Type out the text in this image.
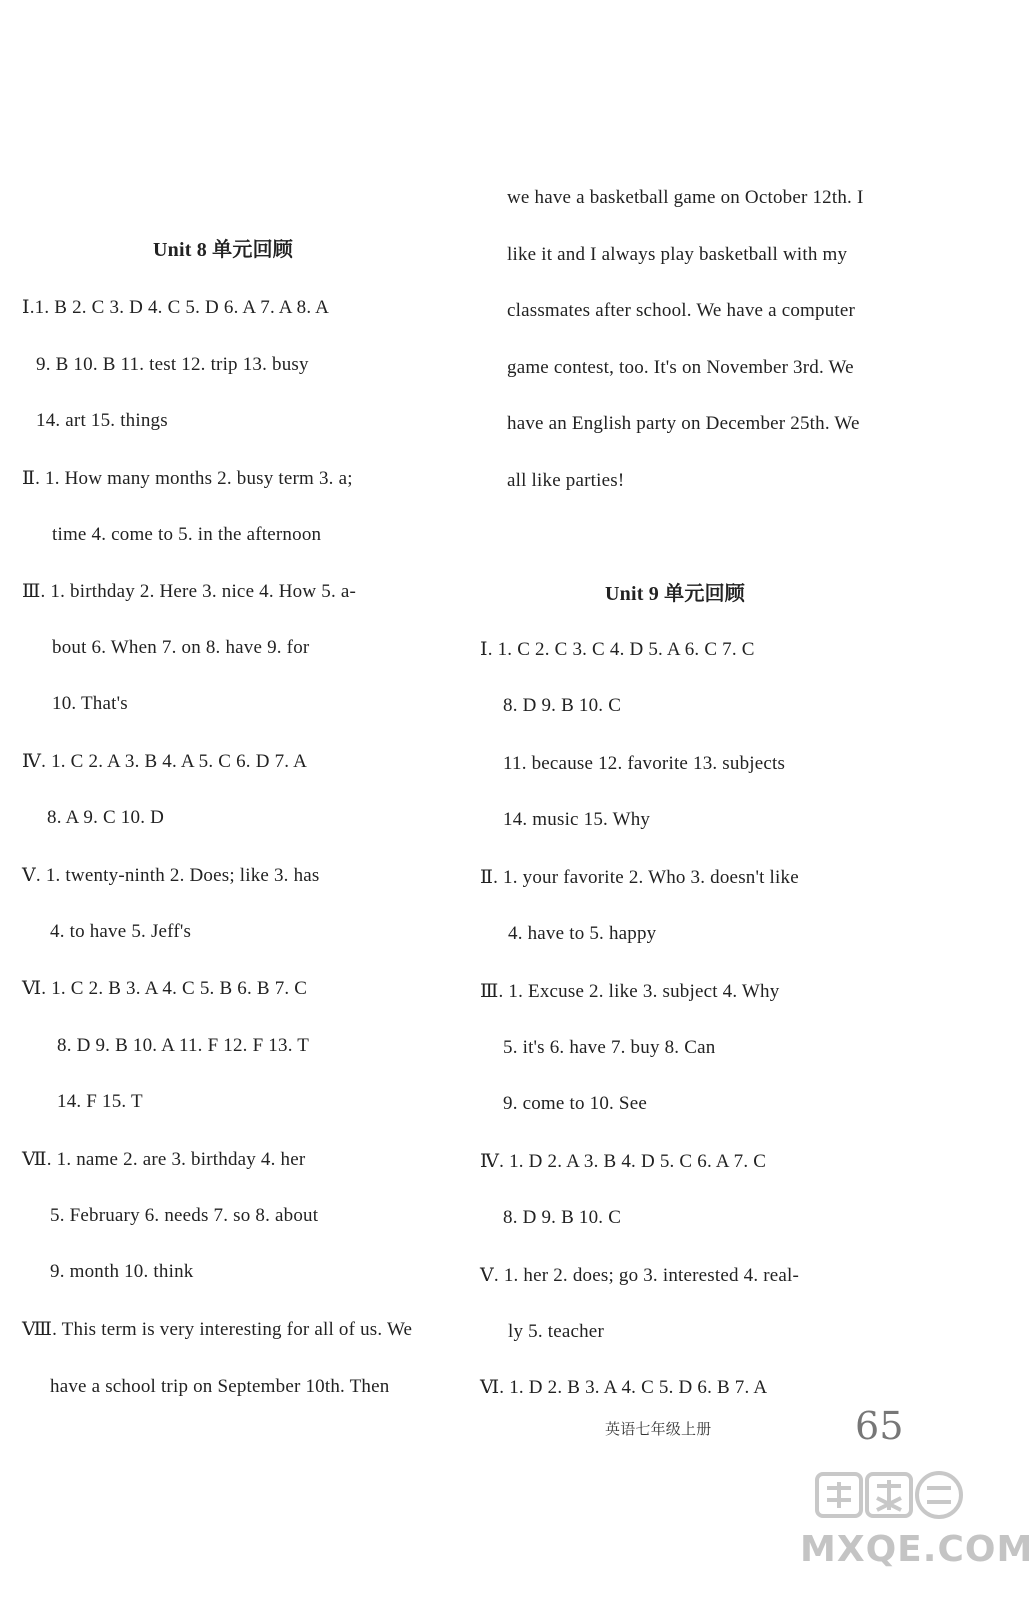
Unit 8 单元回顾
Ⅰ.1. B 2. C 3. D 4. C 5. D 6. A 7. A 8. A
9. B 10. B 11. test 12. trip 13. busy
14. art 15. things
Ⅱ. 1. How many months 2. busy term 3. a;
time 4. come to 5. in the afternoon
Ⅲ. 1. birthday 2. Here 3. nice 4. How 5. a-
bout 6. When 7. on 8. have 9. for
10. That's
Ⅳ. 1. C 2. A 3. B 4. A 5. C 6. D 7. A
8. A 9. C 10. D
Ⅴ. 1. twenty-ninth 2. Does; like 3. has
4. to have 5. Jeff's
Ⅵ. 1. C 2. B 3. A 4. C 5. B 6. B 7. C
8. D 9. B 10. A 11. F 12. F 13. T
14. F 15. T
Ⅶ. 1. name 2. are 3. birthday 4. her
5. February 6. needs 7. so 8. about
9. month 10. think
Ⅷ. This term is very interesting for all of us. We
have a school trip on September 10th. Then
we have a basketball game on October 12th. I
like it and I always play basketball with my
classmates after school. We have a computer
game contest, too. It's on November 3rd. We
have an English party on December 25th. We
all like parties!
Unit 9 单元回顾
Ⅰ. 1. C 2. C 3. C 4. D 5. A 6. C 7. C
8. D 9. B 10. C
11. because 12. favorite 13. subjects
14. music 15. Why
Ⅱ. 1. your favorite 2. Who 3. doesn't like
4. have to 5. happy
Ⅲ. 1. Excuse 2. like 3. subject 4. Why
5. it's 6. have 7. buy 8. Can
9. come to 10. See
Ⅳ. 1. D 2. A 3. B 4. D 5. C 6. A 7. C
8. D 9. B 10. C
Ⅴ. 1. her 2. does; go 3. interested 4. real-
ly 5. teacher
Ⅵ. 1. D 2. B 3. A 4. C 5. D 6. B 7. A
英语七年级上册	65
MXQE.COM
